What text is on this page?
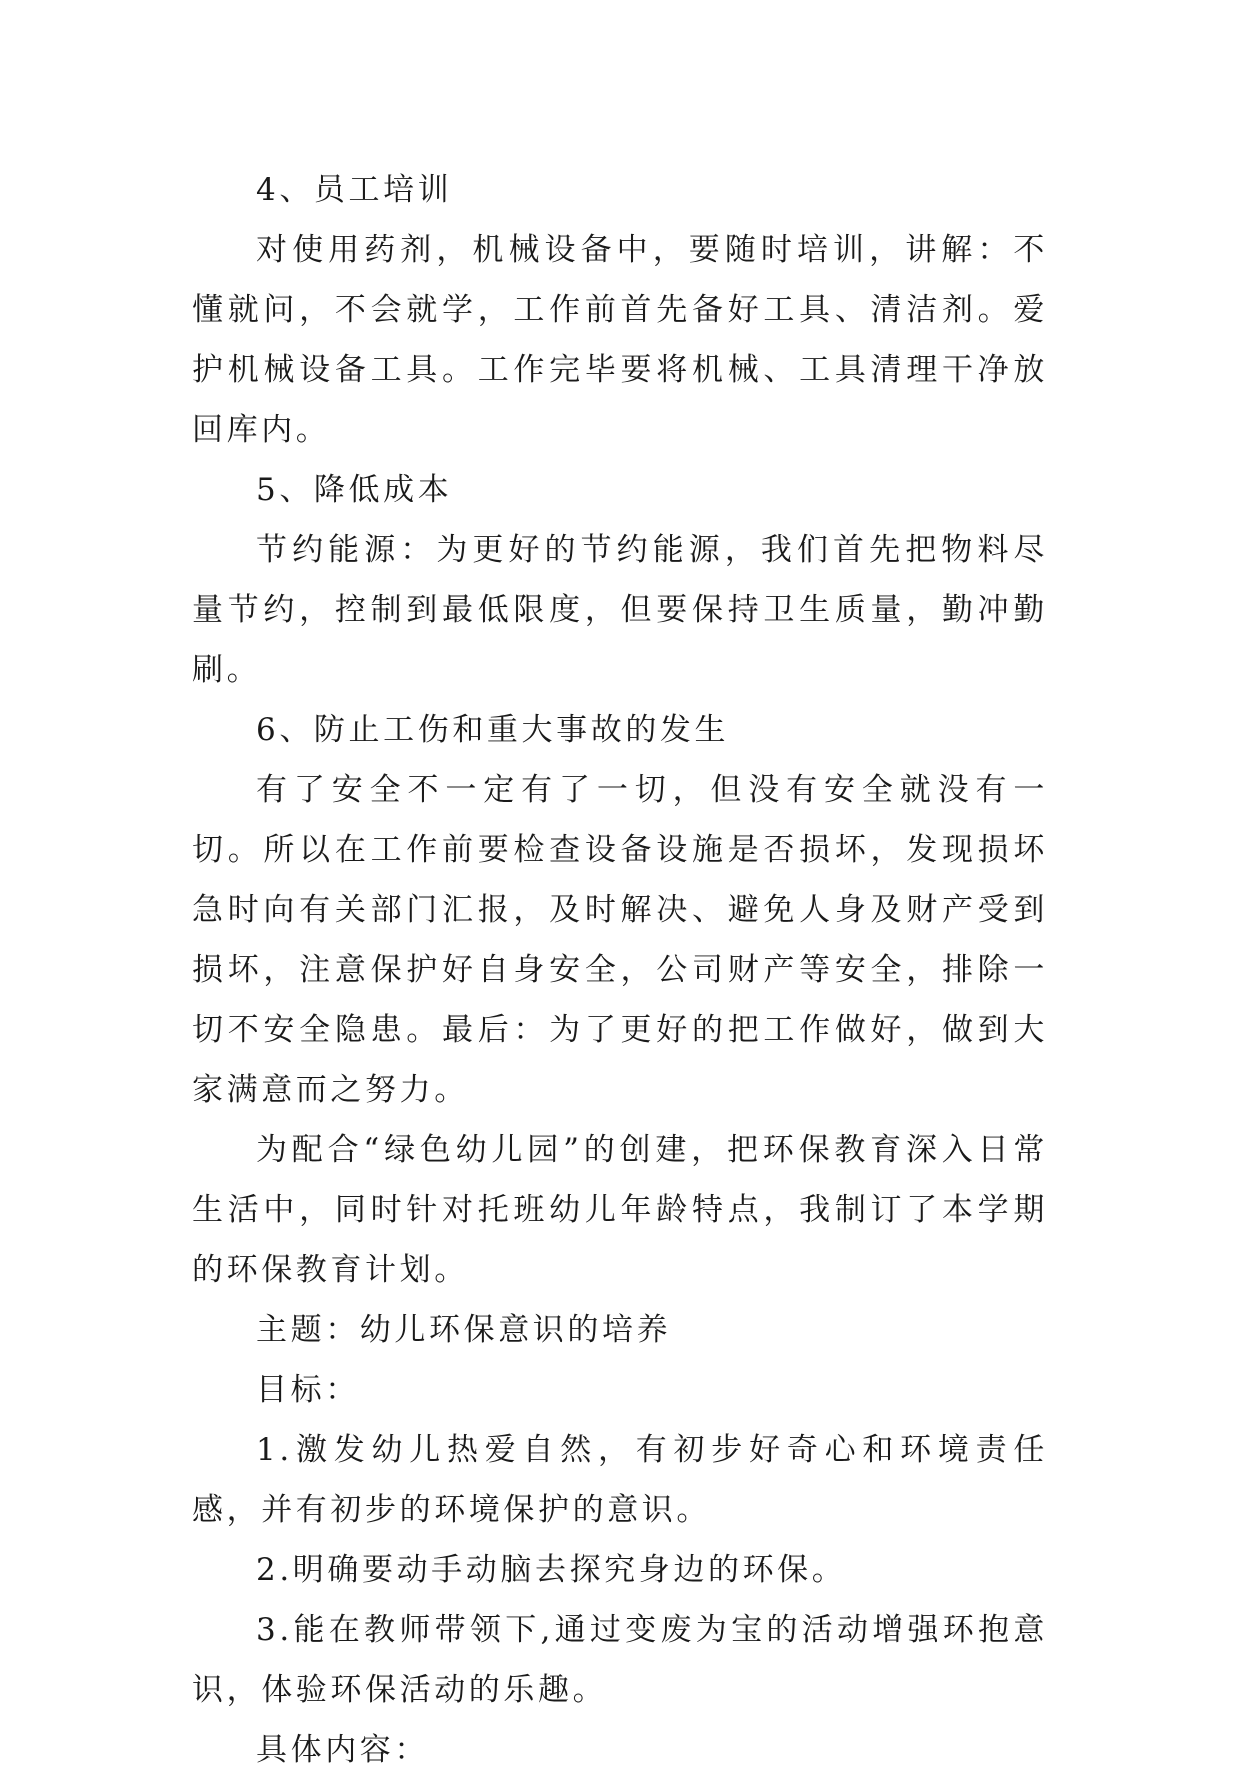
4、员工培训

对使用药剂，机械设备中，要随时培训，讲解：不懂就问，不会就学，工作前首先备好工具、清洁剂。爱护机械设备工具。工作完毕要将机械、工具清理干净放回库内。

5、降低成本

节约能源：为更好的节约能源，我们首先把物料尽量节约，控制到最低限度，但要保持卫生质量，勤冲勤刷。

6、防止工伤和重大事故的发生

有了安全不一定有了一切，但没有安全就没有一切。所以在工作前要检查设备设施是否损坏，发现损坏急时向有关部门汇报，及时解决、避免人身及财产受到损坏，注意保护好自身安全，公司财产等安全，排除一切不安全隐患。最后：为了更好的把工作做好，做到大家满意而之努力。

为配合“绿色幼儿园”的创建，把环保教育深入日常生活中，同时针对托班幼儿年龄特点，我制订了本学期的环保教育计划。

主题：幼儿环保意识的培养

目标：

1.激发幼儿热爱自然，有初步好奇心和环境责任感，并有初步的环境保护的意识。

2.明确要动手动脑去探究身边的环保。

3.能在教师带领下,通过变废为宝的活动增强环抱意识，体验环保活动的乐趣。

具体内容：
